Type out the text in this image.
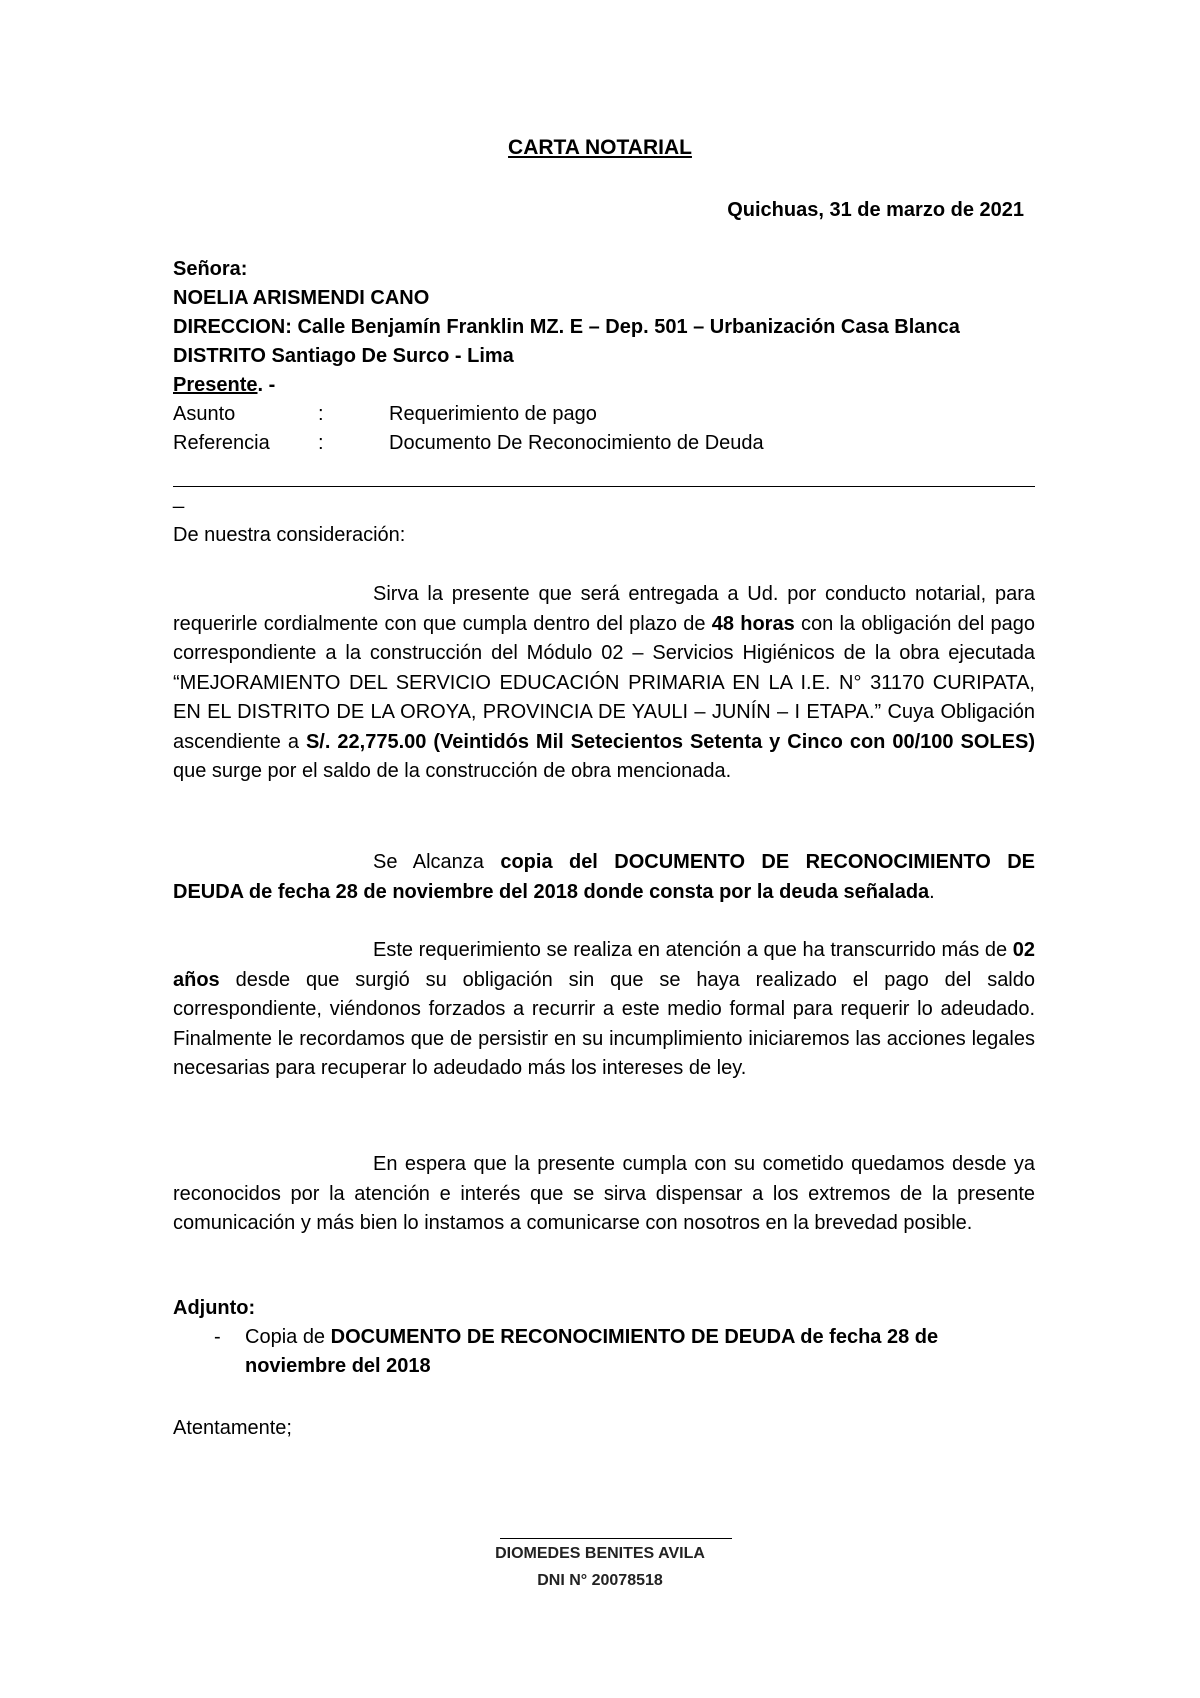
CARTA NOTARIAL
Quichuas, 31 de marzo de 2021
Señora:
NOELIA ARISMENDI CANO
DIRECCION: Calle Benjamín Franklin MZ. E – Dep. 501 – Urbanización Casa Blanca
DISTRITO Santiago De Surco - Lima
Presente. -
Asunto	:	Requerimiento de pago
Referencia :	Documento De Reconocimiento de Deuda
_
De nuestra consideración:

Sirva la presente que será entregada a Ud. por conducto notarial, para requerirle cordialmente con que cumpla dentro del plazo de 48 horas con la obligación del pago correspondiente a la construcción del Módulo 02 – Servicios Higiénicos de la obra ejecutada “MEJORAMIENTO DEL SERVICIO EDUCACIÓN PRIMARIA EN LA I.E. N° 31170 CURIPATA, EN EL DISTRITO DE LA OROYA, PROVINCIA DE YAULI – JUNÍN – I ETAPA.” Cuya Obligación ascendiente a S/. 22,775.00 (Veintidós Mil Setecientos Setenta y Cinco con 00/100 SOLES) que surge por el saldo de la construcción de obra mencionada.

Se Alcanza copia del DOCUMENTO DE RECONOCIMIENTO DE DEUDA de fecha 28 de noviembre del 2018 donde consta por la deuda señalada.

Este requerimiento se realiza en atención a que ha transcurrido más de 02 años desde que surgió su obligación sin que se haya realizado el pago del saldo correspondiente, viéndonos forzados a recurrir a este medio formal para requerir lo adeudado. Finalmente le recordamos que de persistir en su incumplimiento iniciaremos las acciones legales necesarias para recuperar lo adeudado más los intereses de ley.

En espera que la presente cumpla con su cometido quedamos desde ya reconocidos por la atención e interés que se sirva dispensar a los extremos de la presente comunicación y más bien lo instamos a comunicarse con nosotros en la brevedad posible.

Adjunto:
- Copia de DOCUMENTO DE RECONOCIMIENTO DE DEUDA de fecha 28 de noviembre del 2018
Atentamente;
DIOMEDES BENITES AVILA
DNI N° 20078518
